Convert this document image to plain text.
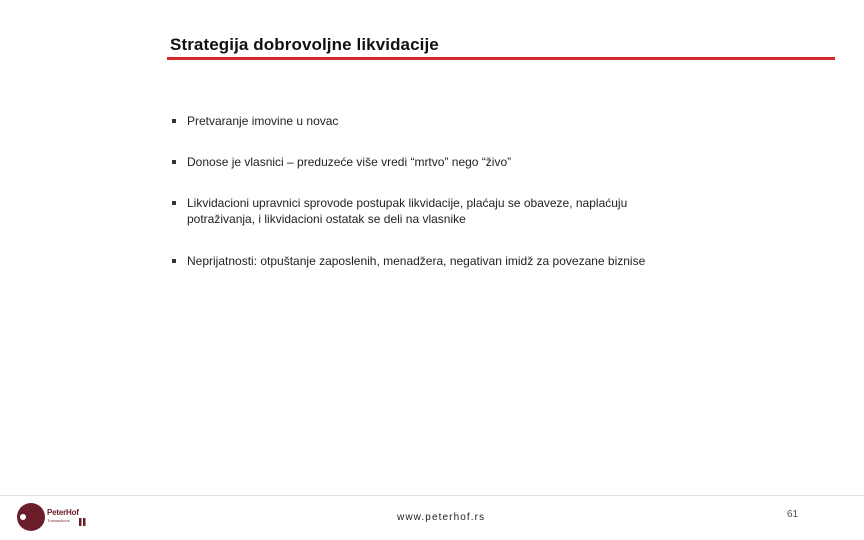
Strategija dobrovoljne likvidacije
Pretvaranje imovine u novac
Donose je vlasnici – preduzeće više vredi “mrtvo” nego “živo”
Likvidacioni upravnici sprovode postupak likvidacije, plaćaju se obaveze, naplaćuju potraživanja, i likvidacioni ostatak se deli na vlasnike
Neprijatnosti: otpuštanje zaposlenih, menadžera, negativan imidž za povezane biznise
PeterHof
Transactions	www.peterhof.rs	61
